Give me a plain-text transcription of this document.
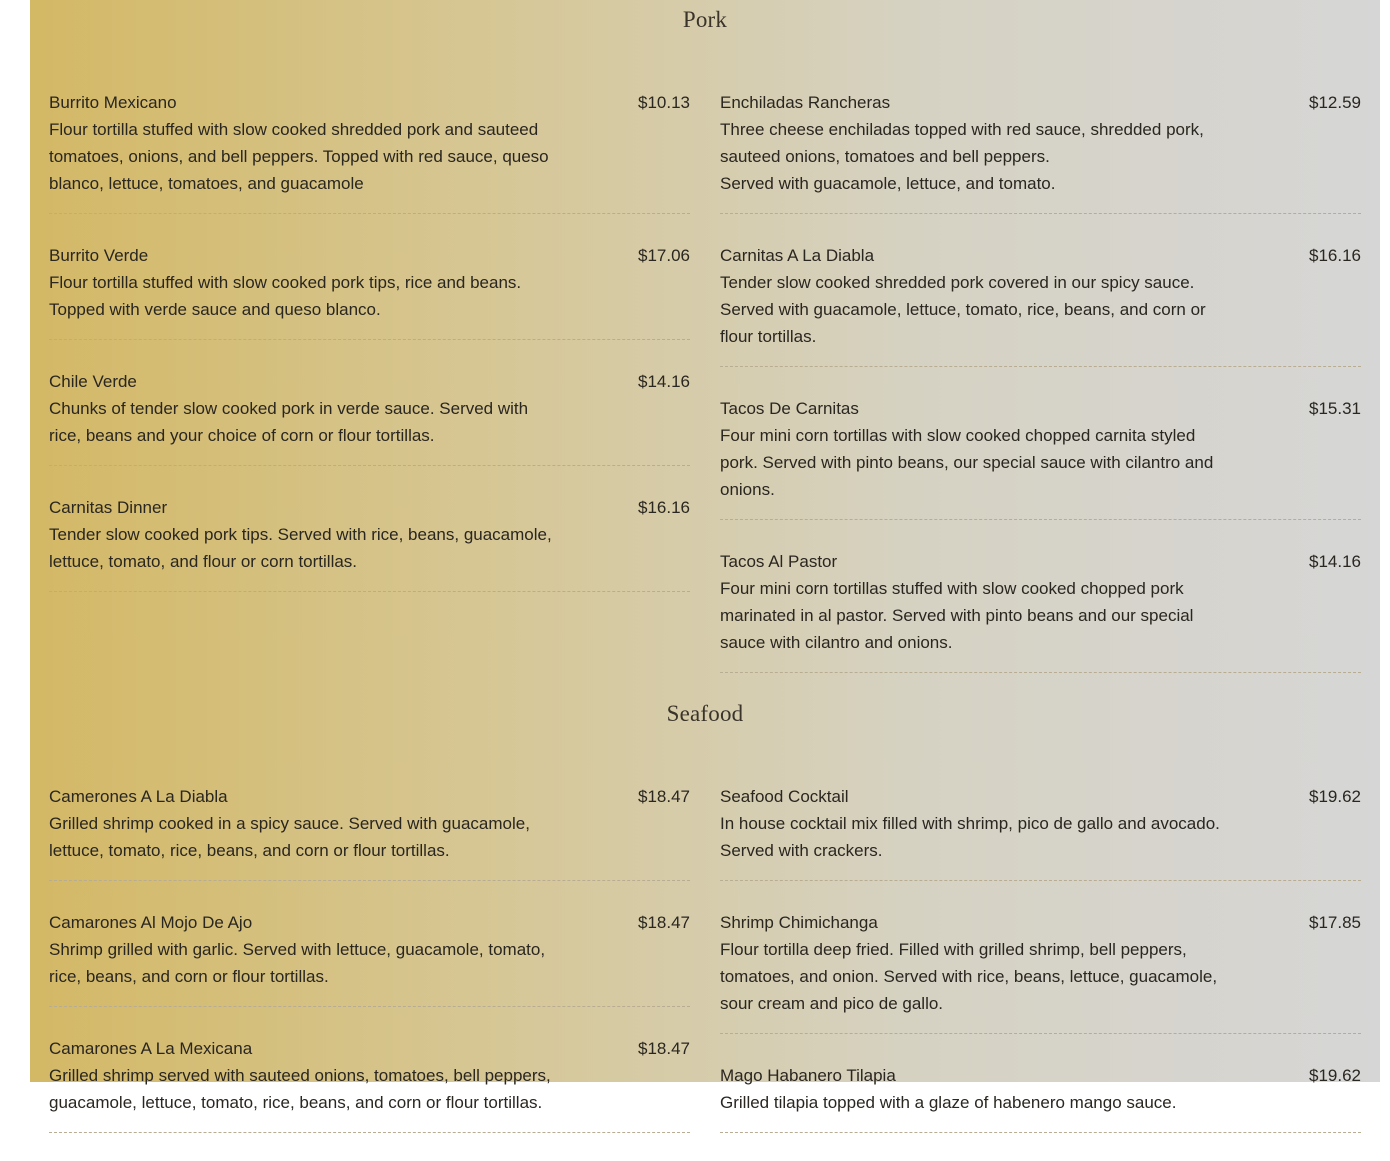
Pork
Burrito Mexicano	$10.13
Flour tortilla stuffed with slow cooked shredded pork and sauteed tomatoes, onions, and bell peppers. Topped with red sauce, queso blanco, lettuce, tomatoes, and guacamole
Burrito Verde	$17.06
Flour tortilla stuffed with slow cooked pork tips, rice and beans. Topped with verde sauce and queso blanco.
Chile Verde	$14.16
Chunks of tender slow cooked pork in verde sauce. Served with rice, beans and your choice of corn or flour tortillas.
Carnitas Dinner	$16.16
Tender slow cooked pork tips. Served with rice, beans, guacamole, lettuce, tomato, and flour or corn tortillas.
Enchiladas Rancheras	$12.59
Three cheese enchiladas topped with red sauce, shredded pork, sauteed onions, tomatoes and bell peppers.
Served with guacamole, lettuce, and tomato.
Carnitas A La Diabla	$16.16
Tender slow cooked shredded pork covered in our spicy sauce. Served with guacamole, lettuce, tomato, rice, beans, and corn or flour tortillas.
Tacos De Carnitas	$15.31
Four mini corn tortillas with slow cooked chopped carnita styled pork. Served with pinto beans, our special sauce with cilantro and onions.
Tacos Al Pastor	$14.16
Four mini corn tortillas stuffed with slow cooked chopped pork marinated in al pastor. Served with pinto beans and our special sauce with cilantro and onions.
Seafood
Camerones A La Diabla	$18.47
Grilled shrimp cooked in a spicy sauce. Served with guacamole, lettuce, tomato, rice, beans, and corn or flour tortillas.
Camarones Al Mojo De Ajo	$18.47
Shrimp grilled with garlic. Served with lettuce, guacamole, tomato, rice, beans, and corn or flour tortillas.
Camarones A La Mexicana	$18.47
Grilled shrimp served with sauteed onions, tomatoes, bell peppers, guacamole, lettuce, tomato, rice, beans, and corn or flour tortillas.
Seafood Cocktail	$19.62
In house cocktail mix filled with shrimp, pico de gallo and avocado. Served with crackers.
Shrimp Chimichanga	$17.85
Flour tortilla deep fried. Filled with grilled shrimp, bell peppers, tomatoes, and onion. Served with rice, beans, lettuce, guacamole, sour cream and pico de gallo.
Mago Habanero Tilapia	$19.62
Grilled tilapia topped with a glaze of habenero mango sauce.
